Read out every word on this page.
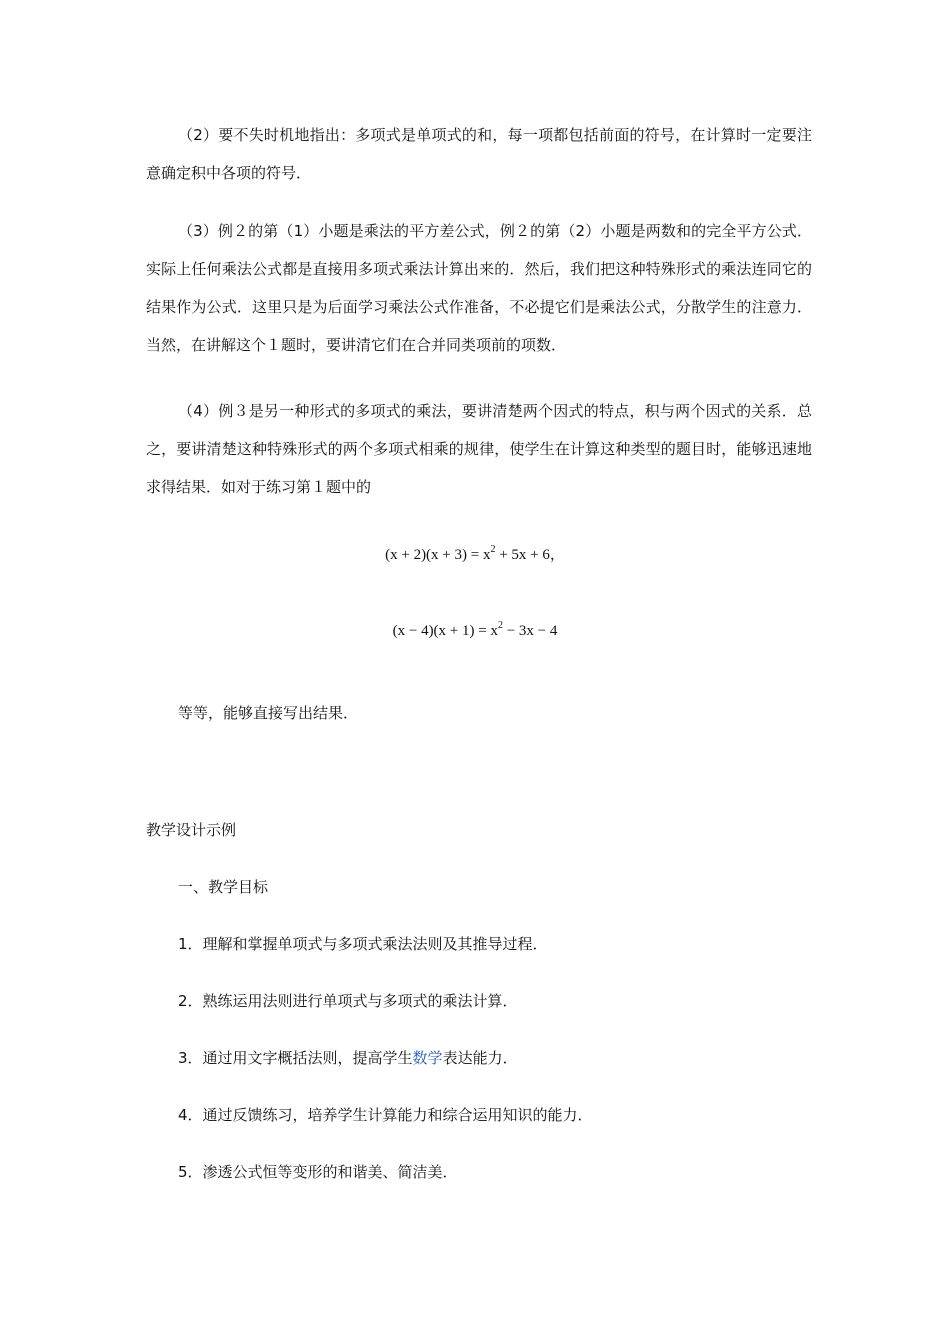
（2）要不失时机地指出：多项式是单项式的和，每一项都包括前面的符号，在计算时一定要注意确定积中各项的符号．

（3）例２的第（1）小题是乘法的平方差公式，例２的第（2）小题是两数和的完全平方公式．实际上任何乘法公式都是直接用多项式乘法计算出来的．然后，我们把这种特殊形式的乘法连同它的结果作为公式．这里只是为后面学习乘法公式作准备，不必提它们是乘法公式，分散学生的注意力．当然，在讲解这个１题时，要讲清它们在合并同类项前的项数．

（4）例３是另一种形式的多项式的乘法，要讲清楚两个因式的特点，积与两个因式的关系．总之，要讲清楚这种特殊形式的两个多项式相乘的规律，使学生在计算这种类型的题目时，能够迅速地求得结果．如对于练习第１题中的

$(x + 2)(x + 3) = x^2 + 5x + 6$，
$(x - 4)(x + 1) = x^2 - 3x - 4$

等等，能够直接写出结果．

教学设计示例

一、教学目标

1．理解和掌握单项式与多项式乘法法则及其推导过程．

2．熟练运用法则进行单项式与多项式的乘法计算．

3．通过用文字概括法则，提高学生数学表达能力．

4．通过反馈练习，培养学生计算能力和综合运用知识的能力．

5．渗透公式恒等变形的和谐美、简洁美．
